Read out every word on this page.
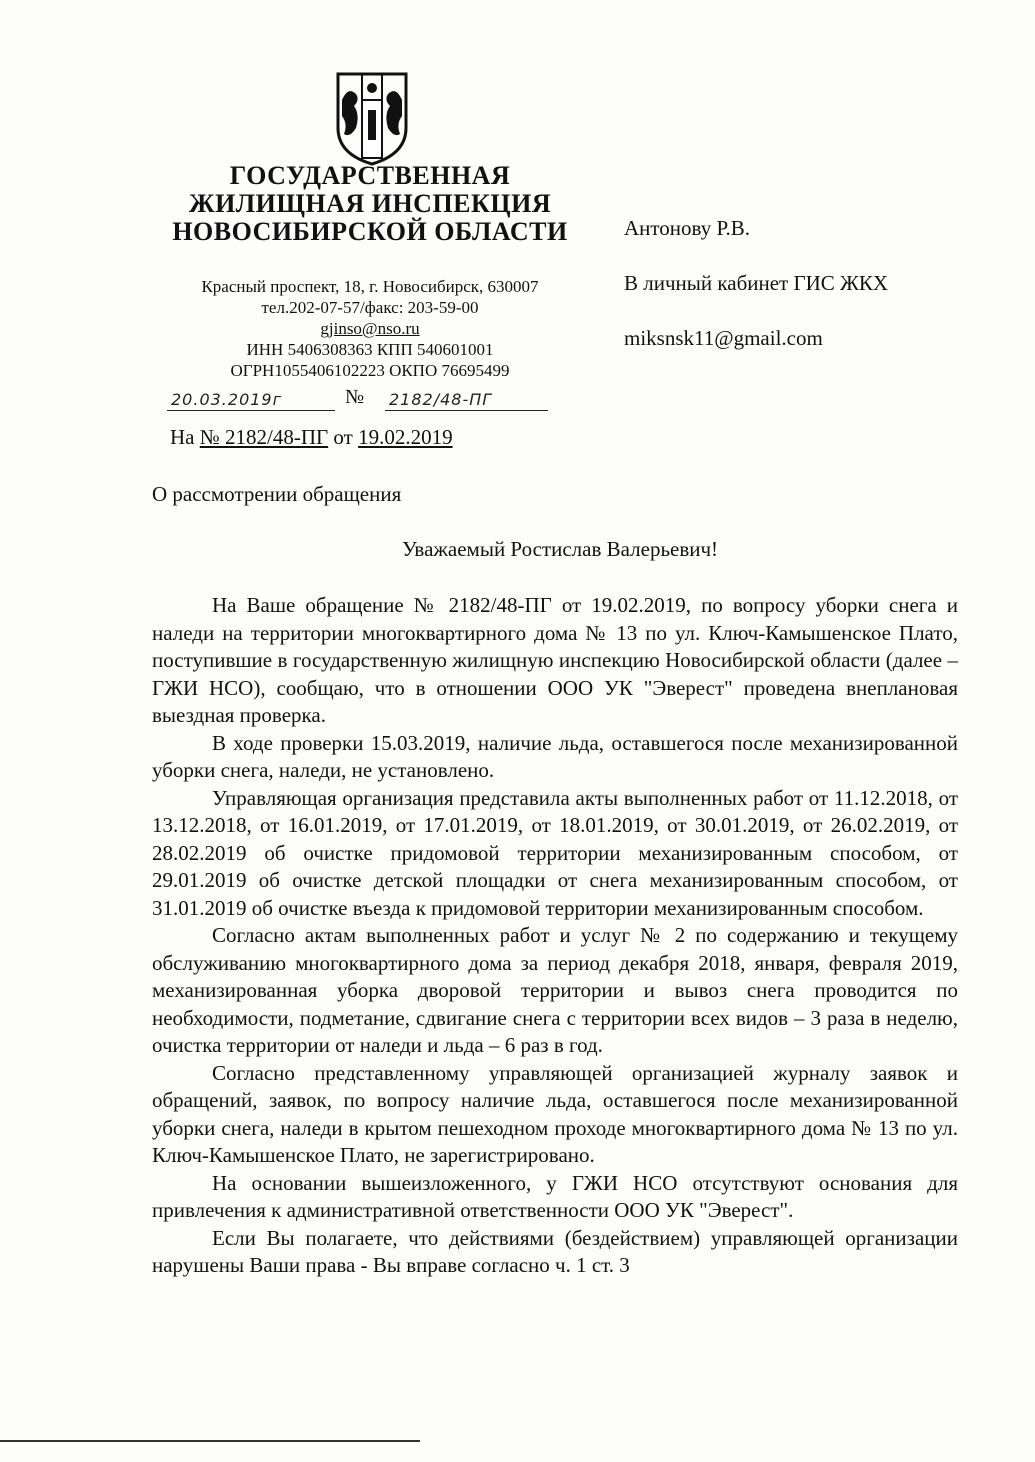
ГОСУДАРСТВЕННАЯ
ЖИЛИЩНАЯ ИНСПЕКЦИЯ
НОВОСИБИРСКОЙ ОБЛАСТИ
Красный проспект, 18, г. Новосибирск, 630007
тел.202-07-57/факс: 203-59-00
gjinso@nso.ru
ИНН 5406308363 КПП 540601001
ОГРН1055406102223 ОКПО 76695499
20.03.2019г	№ 2182/48-ПГ
На № 2182/48-ПГ от 19.02.2019
Антонову Р.В.
В личный кабинет ГИС ЖКХ
miksnsk11@gmail.com
О рассмотрении обращения
Уважаемый Ростислав Валерьевич!

На Ваше обращение № 2182/48-ПГ от 19.02.2019, по вопросу уборки снега и наледи на территории многоквартирного дома № 13 по ул. Ключ-Камышенское Плато, поступившие в государственную жилищную инспекцию Новосибирской области (далее – ГЖИ НСО), сообщаю, что в отношении ООО УК "Эверест" проведена внеплановая выездная проверка.

В ходе проверки 15.03.2019, наличие льда, оставшегося после механизированной уборки снега, наледи, не установлено.

Управляющая организация представила акты выполненных работ от 11.12.2018, от 13.12.2018, от 16.01.2019, от 17.01.2019, от 18.01.2019, от 30.01.2019, от 26.02.2019, от 28.02.2019 об очистке придомовой территории механизированным способом, от 29.01.2019 об очистке детской площадки от снега механизированным способом, от 31.01.2019 об очистке въезда к придомовой территории механизированным способом.

Согласно актам выполненных работ и услуг № 2 по содержанию и текущему обслуживанию многоквартирного дома за период декабря 2018, января, февраля 2019, механизированная уборка дворовой территории и вывоз снега проводится по необходимости, подметание, сдвигание снега с территории всех видов – 3 раза в неделю, очистка территории от наледи и льда – 6 раз в год.

Согласно представленному управляющей организацией журналу заявок и обращений, заявок, по вопросу наличие льда, оставшегося после механизированной уборки снега, наледи в крытом пешеходном проходе многоквартирного дома № 13 по ул. Ключ-Камышенское Плато, не зарегистрировано.

На основании вышеизложенного, у ГЖИ НСО отсутствуют основания для привлечения к административной ответственности ООО УК "Эверест".

Если Вы полагаете, что действиями (бездействием) управляющей организации нарушены Ваши права - Вы вправе согласно ч. 1 ст. 3
